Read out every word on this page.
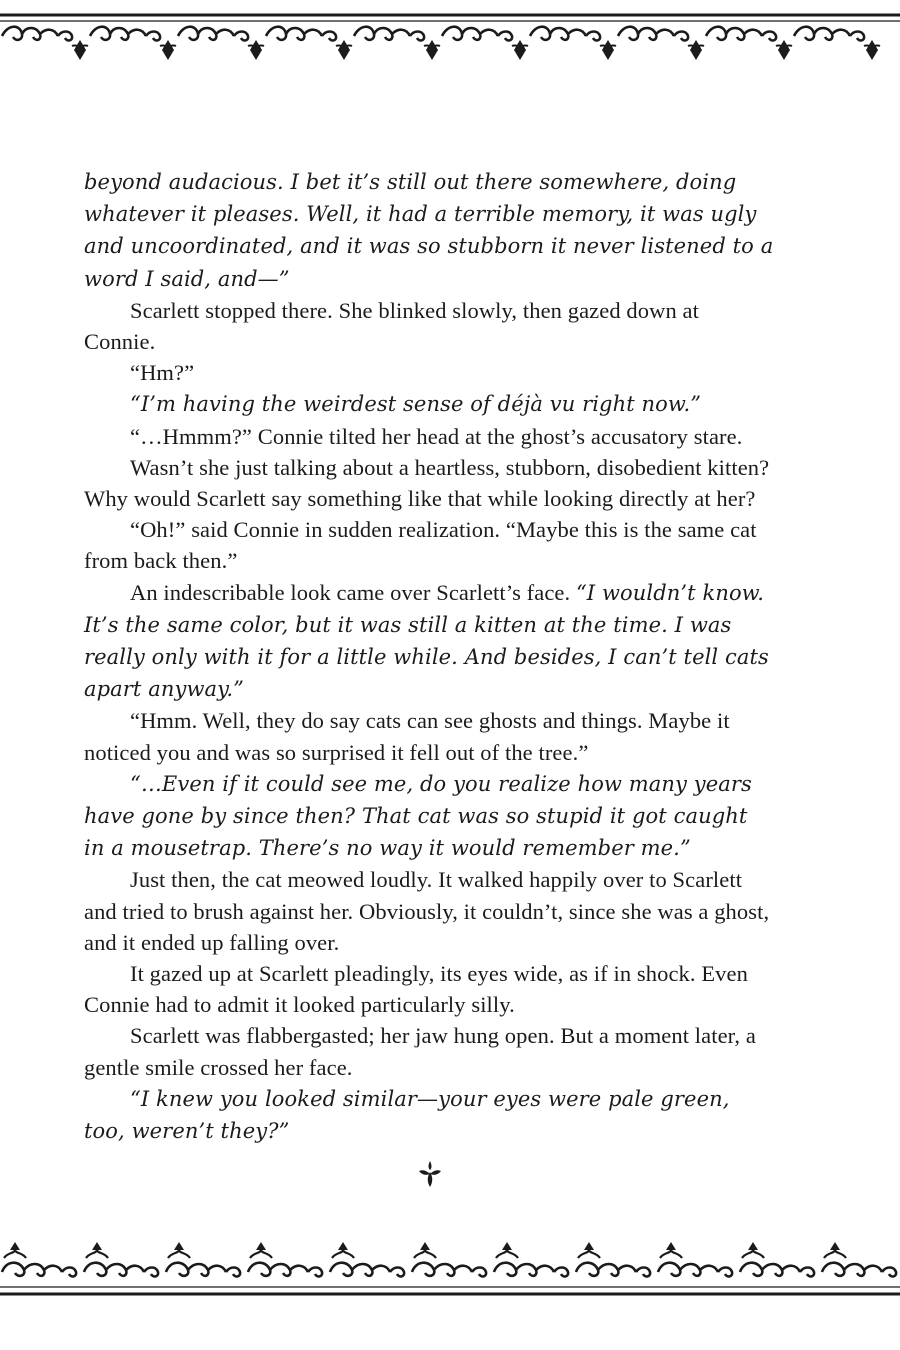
beyond audacious. I bet it’s still out there somewhere, doing whatever it pleases. Well, it had a terrible memory, it was ugly and uncoordinated, and it was so stubborn it never listened to a word I said, and—”

Scarlett stopped there. She blinked slowly, then gazed down at Connie.

“Hm?”

“I’m having the weirdest sense of déjà vu right now.”

“…Hmmm?” Connie tilted her head at the ghost’s accusatory stare.

Wasn’t she just talking about a heartless, stubborn, disobedient kitten? Why would Scarlett say something like that while looking directly at her?

“Oh!” said Connie in sudden realization. “Maybe this is the same cat from back then.”

An indescribable look came over Scarlett’s face. “I wouldn’t know. It’s the same color, but it was still a kitten at the time. I was really only with it for a little while. And besides, I can’t tell cats apart anyway.”

“Hmm. Well, they do say cats can see ghosts and things. Maybe it noticed you and was so surprised it fell out of the tree.”

“…Even if it could see me, do you realize how many years have gone by since then? That cat was so stupid it got caught in a mousetrap. There’s no way it would remember me.”

Just then, the cat meowed loudly. It walked happily over to Scarlett and tried to brush against her. Obviously, it couldn’t, since she was a ghost, and it ended up falling over.

It gazed up at Scarlett pleadingly, its eyes wide, as if in shock. Even Connie had to admit it looked particularly silly.

Scarlett was flabbergasted; her jaw hung open. But a moment later, a gentle smile crossed her face.

“I knew you looked similar—your eyes were pale green, too, weren’t they?”
